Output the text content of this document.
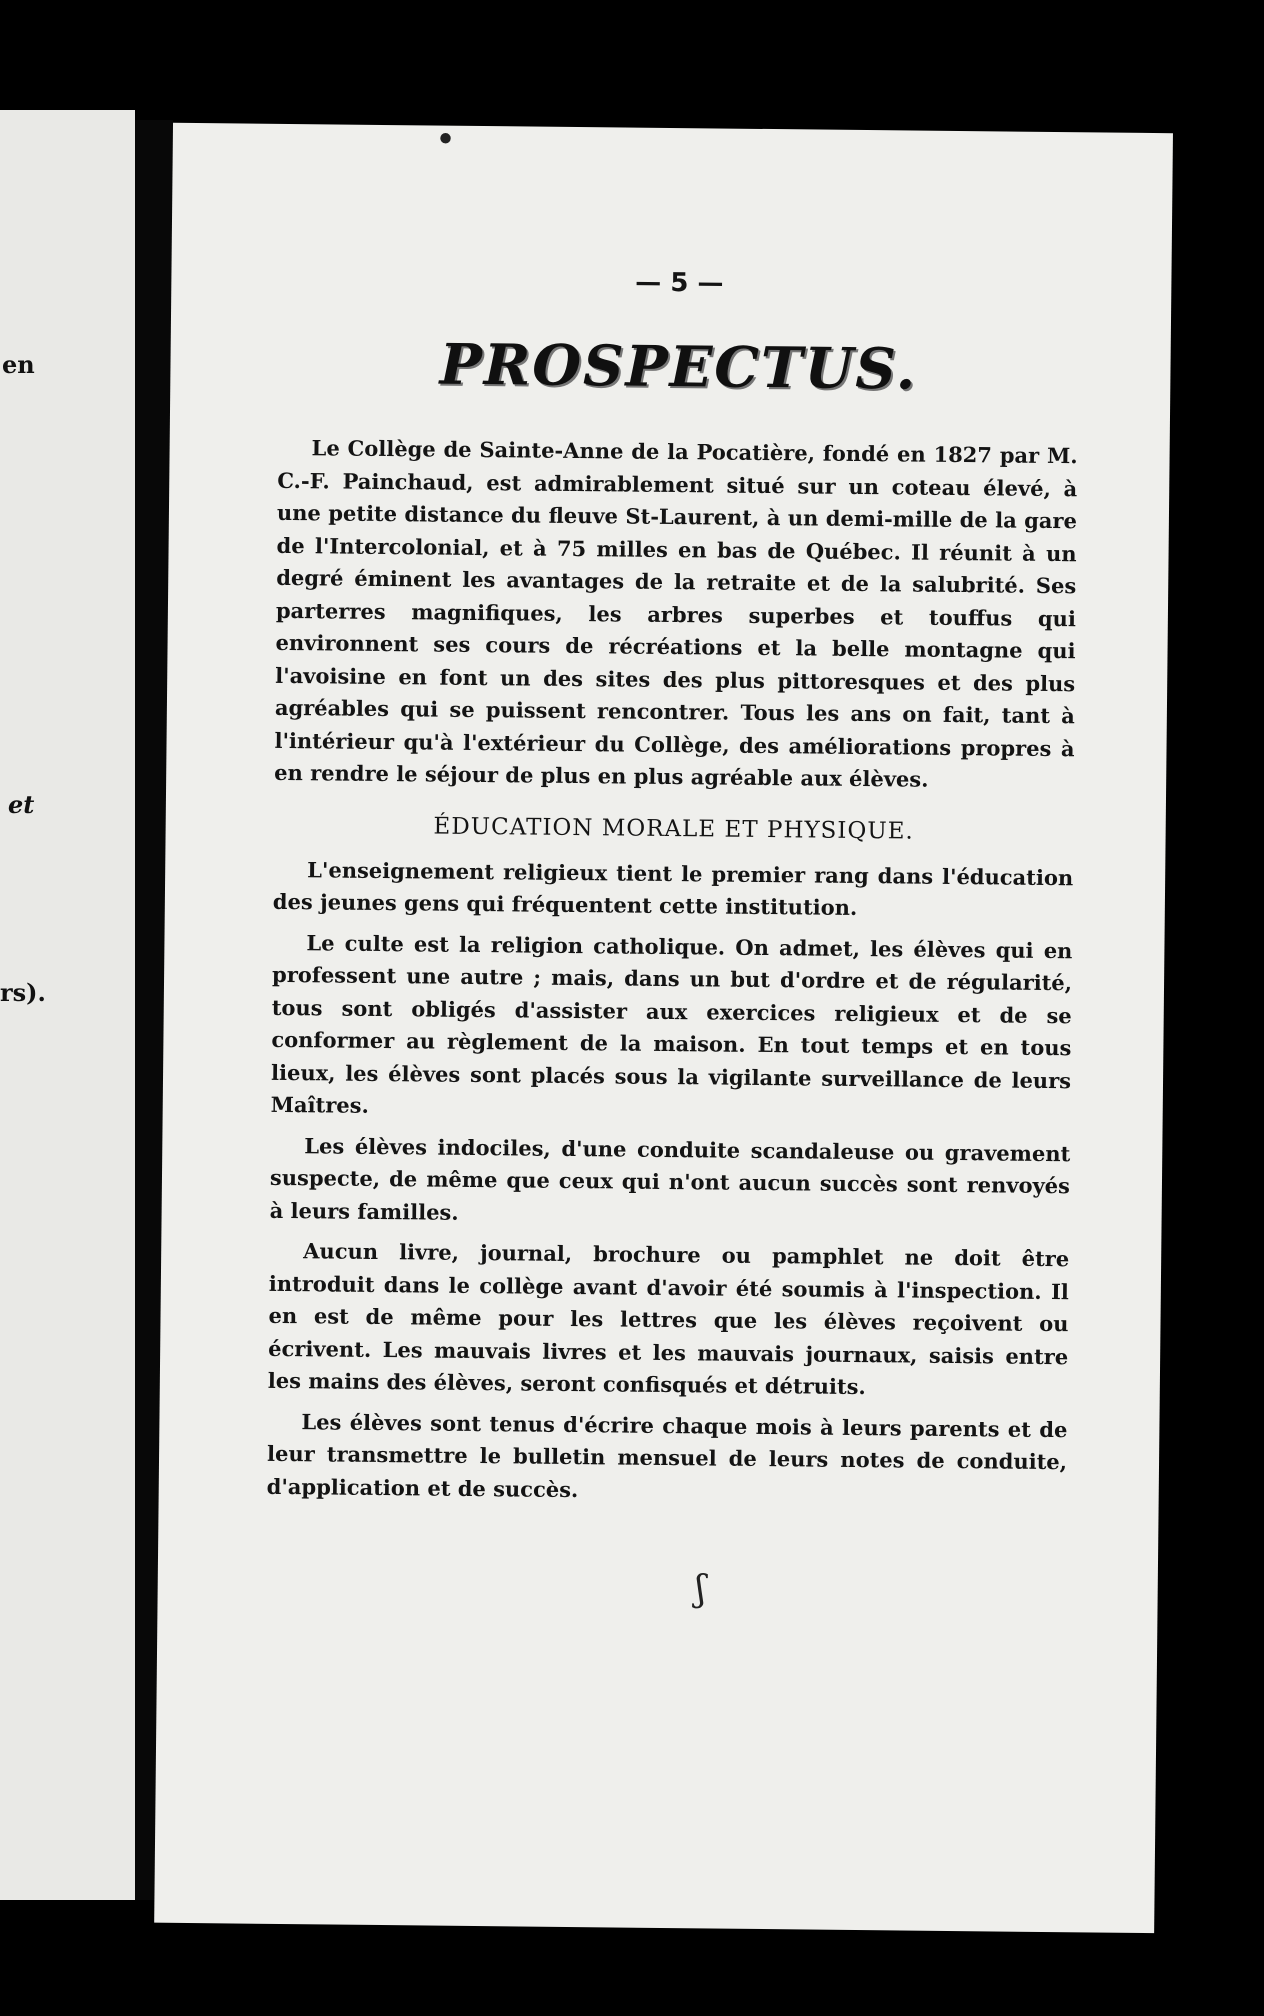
en
et
rs).
•
ʃ
— 5 —
PROSPECTUS.

Le Collège de Sainte-Anne de la Pocatière, fondé en 1827 par M. C.-F. Painchaud, est admirablement situé sur un coteau élevé, à une petite distance du fleuve St-Laurent, à un demi-mille de la gare de l'Intercolonial, et à 75 milles en bas de Québec. Il réunit à un degré éminent les avantages de la retraite et de la salubrité. Ses parterres magnifiques, les arbres superbes et touffus qui environnent ses cours de récréations et la belle montagne qui l'avoisine en font un des sites des plus pittoresques et des plus agréables qui se puissent rencontrer. Tous les ans on fait, tant à l'intérieur qu'à l'extérieur du Collège, des améliorations propres à en rendre le séjour de plus en plus agréable aux élèves.

ÉDUCATION MORALE ET PHYSIQUE.

L'enseignement religieux tient le premier rang dans l'éducation des jeunes gens qui fréquentent cette institution.

Le culte est la religion catholique. On admet, les élèves qui en professent une autre ; mais, dans un but d'ordre et de régularité, tous sont obligés d'assister aux exercices religieux et de se conformer au règlement de la maison. En tout temps et en tous lieux, les élèves sont placés sous la vigilante surveillance de leurs Maîtres.

Les élèves indociles, d'une conduite scandaleuse ou gravement suspecte, de même que ceux qui n'ont aucun succès sont renvoyés à leurs familles.

Aucun livre, journal, brochure ou pamphlet ne doit être introduit dans le collège avant d'avoir été soumis à l'inspection. Il en est de même pour les lettres que les élèves reçoivent ou écrivent. Les mauvais livres et les mauvais journaux, saisis entre les mains des élèves, seront confisqués et détruits.

Les élèves sont tenus d'écrire chaque mois à leurs parents et de leur transmettre le bulletin mensuel de leurs notes de conduite, d'application et de succès.
